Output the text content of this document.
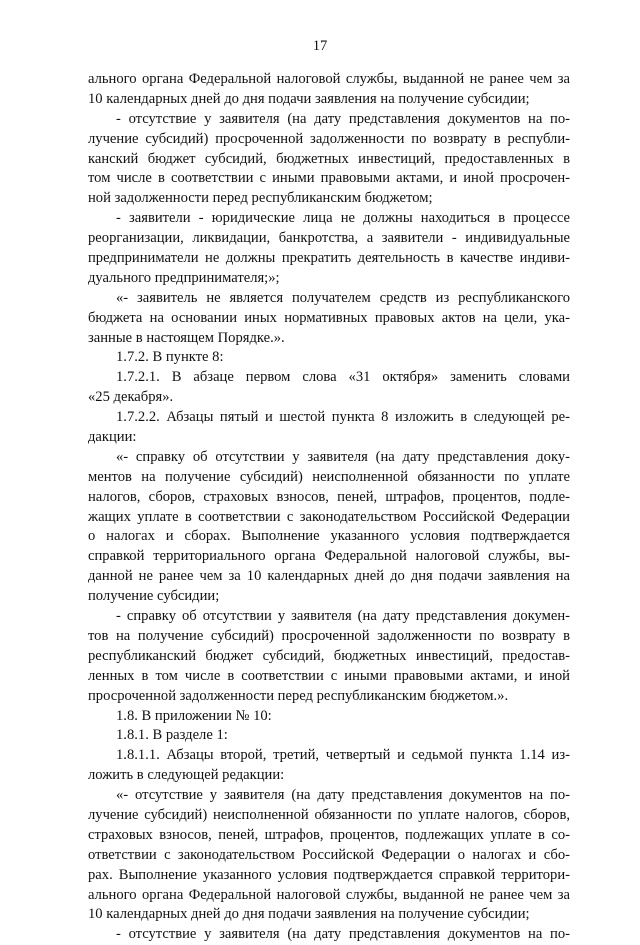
17
ального органа Федеральной налоговой службы, выданной не ранее чем за
10 календарных дней до дня подачи заявления на получение субсидии;
- отсутствие у заявителя (на дату представления документов на по-
лучение субсидий) просроченной задолженности по возврату в республи-
канский бюджет субсидий, бюджетных инвестиций, предоставленных в
том числе в соответствии с иными правовыми актами, и иной просрочен-
ной задолженности перед республиканским бюджетом;
- заявители - юридические лица не должны находиться в процессе
реорганизации, ликвидации, банкротства, а заявители - индивидуальные
предприниматели не должны прекратить деятельность в качестве индиви-
дуального предпринимателя;»;
«- заявитель не является получателем средств из республиканского
бюджета на основании иных нормативных правовых актов на цели, ука-
занные в настоящем Порядке.».
1.7.2. В пункте 8:
1.7.2.1. В абзаце первом слова «31 октября» заменить словами
«25 декабря».
1.7.2.2. Абзацы пятый и шестой пункта 8 изложить в следующей ре-
дакции:
«- справку об отсутствии у заявителя (на дату представления доку-
ментов на получение субсидий) неисполненной обязанности по уплате
налогов, сборов, страховых взносов, пеней, штрафов, процентов, подле-
жащих уплате в соответствии с законодательством Российской Федерации
о налогах и сборах. Выполнение указанного условия подтверждается
справкой территориального органа Федеральной налоговой службы, вы-
данной не ранее чем за 10 календарных дней до дня подачи заявления на
получение субсидии;
- справку об отсутствии у заявителя (на дату представления докумен-
тов на получение субсидий) просроченной задолженности по возврату в
республиканский бюджет субсидий, бюджетных инвестиций, предостав-
ленных в том числе в соответствии с иными правовыми актами, и иной
просроченной задолженности перед республиканским бюджетом.».
1.8. В приложении № 10:
1.8.1. В разделе 1:
1.8.1.1. Абзацы второй, третий, четвертый и седьмой пункта 1.14 из-
ложить в следующей редакции:
«- отсутствие у заявителя (на дату представления документов на по-
лучение субсидий) неисполненной обязанности по уплате налогов, сборов,
страховых взносов, пеней, штрафов, процентов, подлежащих уплате в со-
ответствии с законодательством Российской Федерации о налогах и сбо-
рах. Выполнение указанного условия подтверждается справкой территори-
ального органа Федеральной налоговой службы, выданной не ранее чем за
10 календарных дней до дня подачи заявления на получение субсидии;
- отсутствие у заявителя (на дату представления документов на по-
